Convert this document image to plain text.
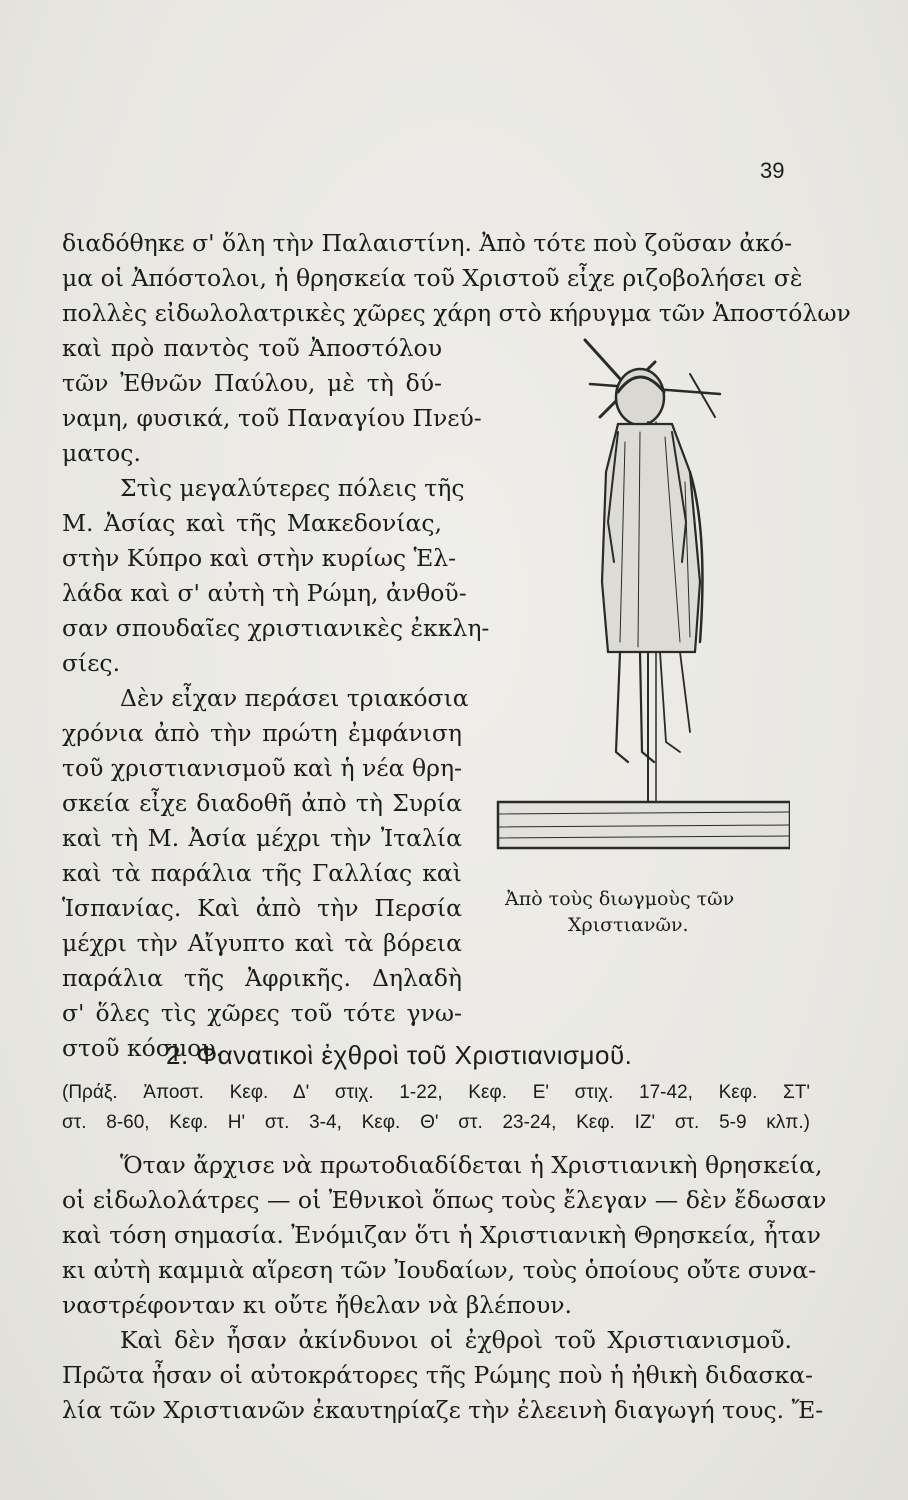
39

διαδόθηκε σ' ὅλη τὴν Παλαιστίνη. Ἀπὸ τότε ποὺ ζοῦσαν ἀκό-

μα οἱ Ἀπόστολοι, ἡ θρησκεία τοῦ Χριστοῦ εἶχε ριζοβολήσει σὲ

πολλὲς εἰδωλολατρικὲς χῶρες χάρη στὸ κήρυγμα τῶν Ἀποστόλων

καὶ πρὸ παντὸς τοῦ Ἀποστόλου

τῶν Ἐθνῶν Παύλου, μὲ τὴ δύ-

ναμη, φυσικά, τοῦ Παναγίου Πνεύ-

ματος.

Στὶς μεγαλύτερες πόλεις τῆς

Μ. Ἀσίας καὶ τῆς Μακεδονίας,

στὴν Κύπρο καὶ στὴν κυρίως Ἑλ-

λάδα καὶ σ' αὐτὴ τὴ Ρώμη, ἀνθοῦ-

σαν σπουδαῖες χριστιανικὲς ἐκκλη-

σίες.

Δὲν εἶχαν περάσει τριακόσια

χρόνια ἀπὸ τὴν πρώτη ἐμφάνιση

τοῦ χριστιανισμοῦ καὶ ἡ νέα θρη-

σκεία εἶχε διαδοθῆ ἀπὸ τὴ Συρία

καὶ τὴ Μ. Ἀσία μέχρι τὴν Ἰταλία

καὶ τὰ παράλια τῆς Γαλλίας καὶ

Ἱσπανίας. Καὶ ἀπὸ τὴν Περσία

μέχρι τὴν Αἴγυπτο καὶ τὰ βόρεια

παράλια τῆς Ἀφρικῆς. Δηλαδὴ

σ' ὅλες τὶς χῶρες τοῦ τότε γνω-

στοῦ κόσμου.

Ἀπὸ τοὺς διωγμοὺς τῶν
Χριστιανῶν.
2. Φανατικοὶ ἐχθροὶ τοῦ Χριστιανισμοῦ.
(Πράξ. Ἀποστ. Κεφ. Δ' στιχ. 1-22, Κεφ. Ε' στιχ. 17-42, Κεφ. ΣΤ'
στ. 8-60, Κεφ. Η' στ. 3-4, Κεφ. Θ' στ. 23-24, Κεφ. ΙΖ' στ. 5-9 κλπ.)

Ὅταν ἄρχισε νὰ πρωτοδιαδίδεται ἡ Χριστιανικὴ θρησκεία,

οἱ εἰδωλολάτρες — οἱ Ἐθνικοὶ ὅπως τοὺς ἔλεγαν — δὲν ἔδωσαν

καὶ τόση σημασία. Ἐνόμιζαν ὅτι ἡ Χριστιανικὴ Θρησκεία, ἦταν

κι αὐτὴ καμμιὰ αἵρεση τῶν Ἰουδαίων, τοὺς ὁποίους οὔτε συνα-

ναστρέφονταν κι οὔτε ἤθελαν νὰ βλέπουν.

Καὶ δὲν ἦσαν ἀκίνδυνοι οἱ ἐχθροὶ τοῦ Χριστιανισμοῦ.

Πρῶτα ἦσαν οἱ αὐτοκράτορες τῆς Ρώμης ποὺ ἡ ἠθικὴ διδασκα-

λία τῶν Χριστιανῶν ἐκαυτηρίαζε τὴν ἐλεεινὴ διαγωγή τους. Ἔ-
